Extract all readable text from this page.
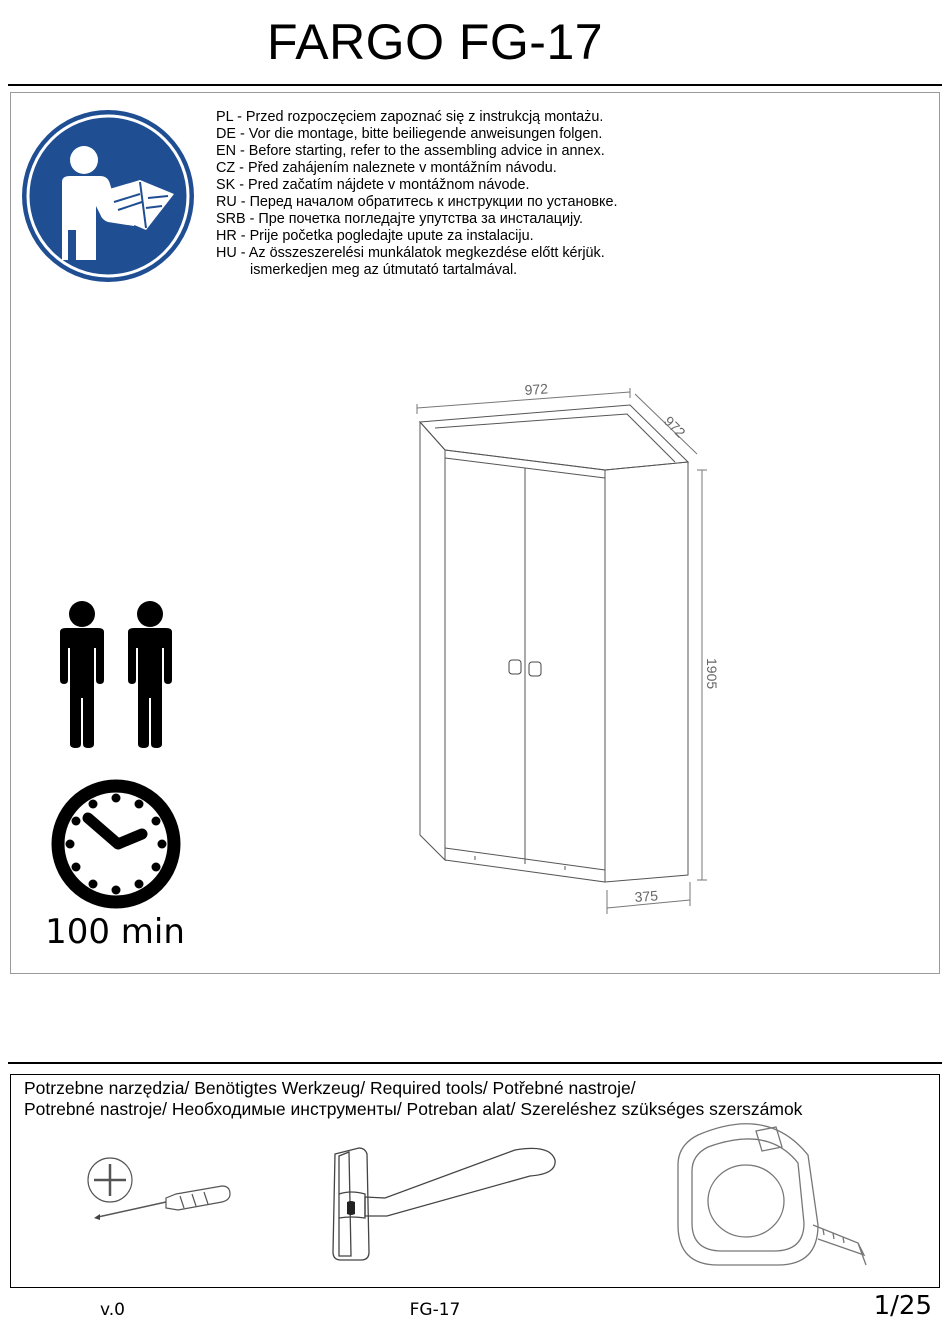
FARGO FG-17
PL - Przed rozpoczęciem zapoznać się z instrukcją montażu.
DE - Vor die montage, bitte beiliegende anweisungen folgen.
EN - Before starting, refer to the assembling advice in annex.
CZ - Před zahájením naleznete v montážním návodu.
SK - Pred začatím nájdete v montážnom návode.
RU - Перед началом обратитесь к инструкции по установке.
SRB - Пре почетка погледајте упутства за инсталацију.
HR - Prije početka pogledajte upute za instalaciju.
HU - Az összeszerelési munkálatok megkezdése előtt kérjük.
ismerkedjen meg az útmutató tartalmával.
100 min
972
972
1905
375
Potrzebne narzędzia/ Benötigtes Werkzeug/ Required tools/ Potřebné nastroje/
Potrebné nastroje/ Необходимые инструменты/ Potreban alat/ Szereléshez szükséges szerszámok
v.0	FG-17	1/25
